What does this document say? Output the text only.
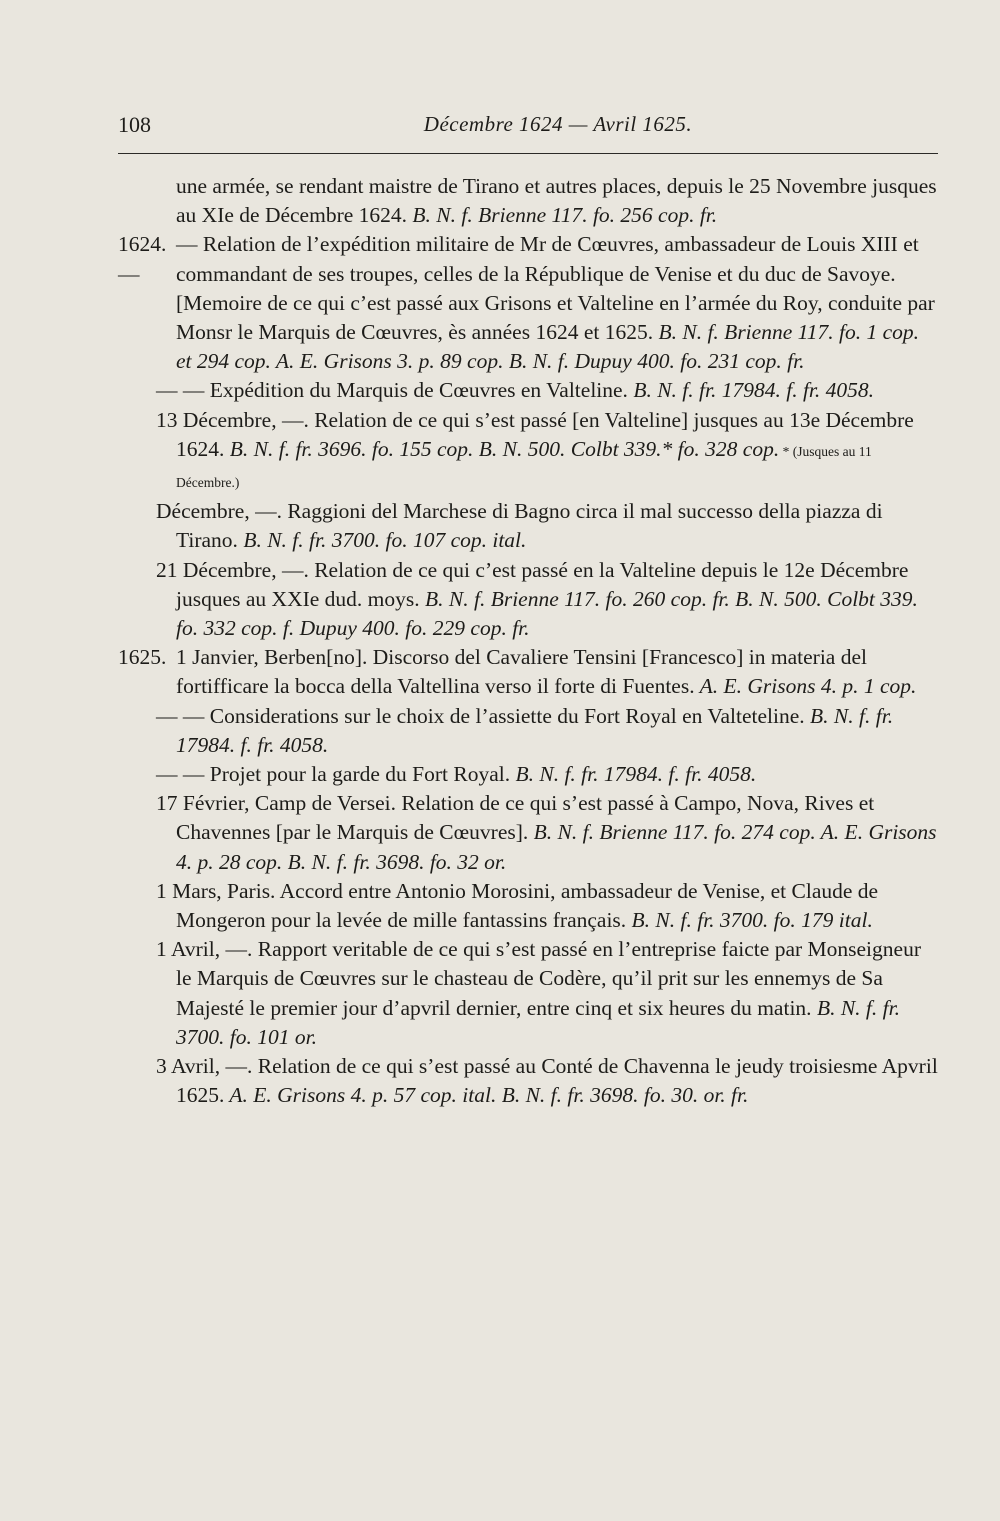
108	Décembre 1624 — Avril 1625.
une armée, se rendant maistre de Tirano et autres places, depuis le 25 Novembre jusques au XIe de Décembre 1624. B. N. f. Brienne 117. fo. 256 cop. fr.
1624.—
— Relation de l’expédition militaire de Mr de Cœuvres, ambassadeur de Louis XIII et commandant de ses troupes, celles de la République de Venise et du duc de Savoye. [Memoire de ce qui c’est passé aux Grisons et Valteline en l’armée du Roy, conduite par Monsr le Marquis de Cœuvres, ès années 1624 et 1625. B. N. f. Brienne 117. fo. 1 cop. et 294 cop. A. E. Grisons 3. p. 89 cop. B. N. f. Dupuy 400. fo. 231 cop. fr.
— — Expédition du Marquis de Cœuvres en Valteline. B. N. f. fr. 17984. f. fr. 4058.
13 Décembre, —. Relation de ce qui s’est passé [en Valteline] jusques au 13e Décembre 1624. B. N. f. fr. 3696. fo. 155 cop. B. N. 500. Colbt 339.* fo. 328 cop. * (Jusques au 11 Décembre.)
Décembre, —. Raggioni del Marchese di Bagno circa il mal successo della piazza di Tirano. B. N. f. fr. 3700. fo. 107 cop. ital.
21 Décembre, —. Relation de ce qui c’est passé en la Valteline depuis le 12e Décembre jusques au XXIe dud. moys. B. N. f. Brienne 117. fo. 260 cop. fr. B. N. 500. Colbt 339. fo. 332 cop. f. Dupuy 400. fo. 229 cop. fr.
1625. 1 Janvier, Berben[no]. Discorso del Cavaliere Tensini [Francesco] in materia del fortifficare la bocca della Valtellina verso il forte di Fuentes. A. E. Grisons 4. p. 1 cop.
— — Considerations sur le choix de l’assiette du Fort Royal en Valteteline. B. N. f. fr. 17984. f. fr. 4058.
— — Projet pour la garde du Fort Royal. B. N. f. fr. 17984. f. fr. 4058.
17 Février, Camp de Versei. Relation de ce qui s’est passé à Campo, Nova, Rives et Chavennes [par le Marquis de Cœuvres]. B. N. f. Brienne 117. fo. 274 cop. A. E. Grisons 4. p. 28 cop. B. N. f. fr. 3698. fo. 32 or.
1 Mars, Paris. Accord entre Antonio Morosini, ambassadeur de Venise, et Claude de Mongeron pour la levée de mille fantassins français. B. N. f. fr. 3700. fo. 179 ital.
1 Avril, —. Rapport veritable de ce qui s’est passé en l’entreprise faicte par Monseigneur le Marquis de Cœuvres sur le chasteau de Codère, qu’il prit sur les ennemys de Sa Majesté le premier jour d’apvril dernier, entre cinq et six heures du matin. B. N. f. fr. 3700. fo. 101 or.
3 Avril, —. Relation de ce qui s’est passé au Conté de Chavenna le jeudy troisiesme Apvril 1625. A. E. Grisons 4. p. 57 cop. ital. B. N. f. fr. 3698. fo. 30. or. fr.
